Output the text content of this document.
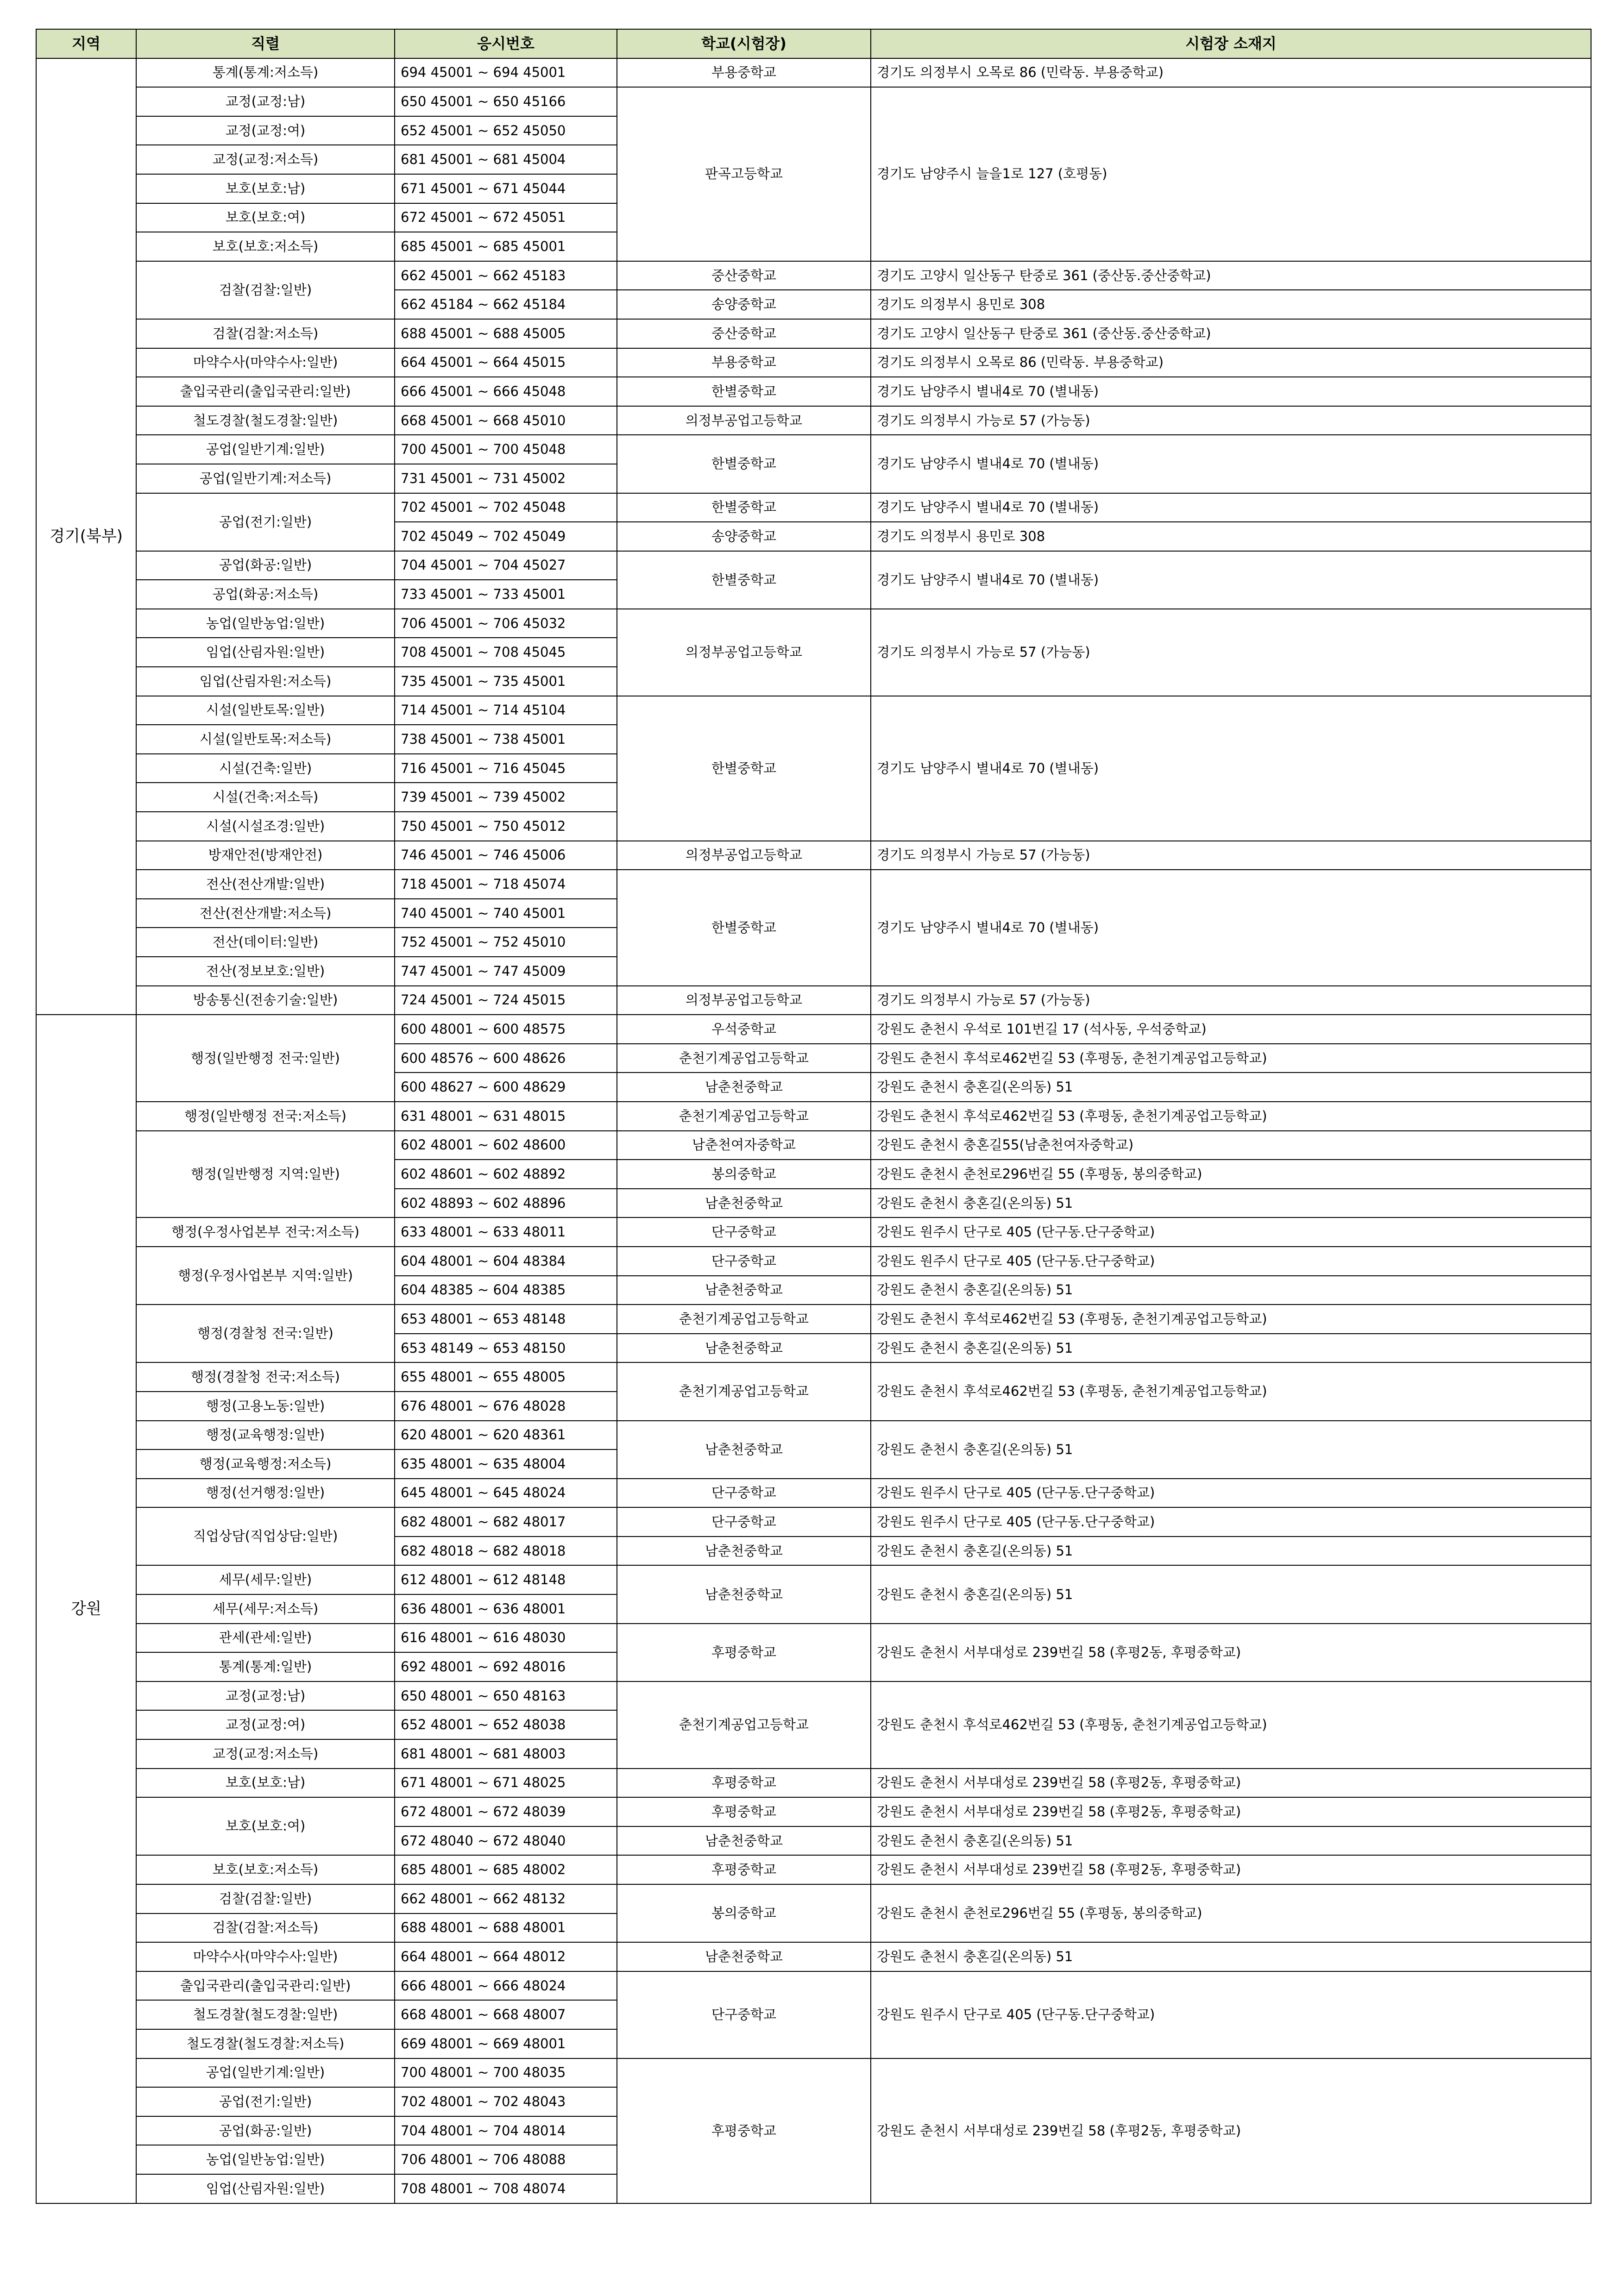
지역	직렬	응시번호	학교(시험장)	시험장 소재지
경기(북부)	통계(통계:저소득)	694 45001 ~ 694 45001	부용중학교	경기도 의정부시 오목로 86 (민락동. 부용중학교)
	교정(교정:남)	650 45001 ~ 650 45166	판곡고등학교	경기도 남양주시 늘을1로 127 (호평동)
	교정(교정:여)	652 45001 ~ 652 45050		
	교정(교정:저소득)	681 45001 ~ 681 45004		
	보호(보호:남)	671 45001 ~ 671 45044		
	보호(보호:여)	672 45001 ~ 672 45051		
	보호(보호:저소득)	685 45001 ~ 685 45001		
	검찰(검찰:일반)	662 45001 ~ 662 45183	중산중학교	경기도 고양시 일산동구 탄중로 361 (중산동.중산중학교)
		662 45184 ~ 662 45184	송양중학교	경기도 의정부시 용민로 308
	검찰(검찰:저소득)	688 45001 ~ 688 45005	중산중학교	경기도 고양시 일산동구 탄중로 361 (중산동.중산중학교)
	마약수사(마약수사:일반)	664 45001 ~ 664 45015	부용중학교	경기도 의정부시 오목로 86 (민락동. 부용중학교)
	출입국관리(출입국관리:일반)	666 45001 ~ 666 45048	한별중학교	경기도 남양주시 별내4로 70 (별내동)
	철도경찰(철도경찰:일반)	668 45001 ~ 668 45010	의정부공업고등학교	경기도 의정부시 가능로 57 (가능동)
	공업(일반기계:일반)	700 45001 ~ 700 45048	한별중학교	경기도 남양주시 별내4로 70 (별내동)
	공업(일반기계:저소득)	731 45001 ~ 731 45002		
	공업(전기:일반)	702 45001 ~ 702 45048	한별중학교	경기도 남양주시 별내4로 70 (별내동)
		702 45049 ~ 702 45049	송양중학교	경기도 의정부시 용민로 308
	공업(화공:일반)	704 45001 ~ 704 45027	한별중학교	경기도 남양주시 별내4로 70 (별내동)
	공업(화공:저소득)	733 45001 ~ 733 45001		
	농업(일반농업:일반)	706 45001 ~ 706 45032	의정부공업고등학교	경기도 의정부시 가능로 57 (가능동)
	임업(산림자원:일반)	708 45001 ~ 708 45045		
	임업(산림자원:저소득)	735 45001 ~ 735 45001		
	시설(일반토목:일반)	714 45001 ~ 714 45104	한별중학교	경기도 남양주시 별내4로 70 (별내동)
	시설(일반토목:저소득)	738 45001 ~ 738 45001		
	시설(건축:일반)	716 45001 ~ 716 45045		
	시설(건축:저소득)	739 45001 ~ 739 45002		
	시설(시설조경:일반)	750 45001 ~ 750 45012		
	방재안전(방재안전)	746 45001 ~ 746 45006	의정부공업고등학교	경기도 의정부시 가능로 57 (가능동)
	전산(전산개발:일반)	718 45001 ~ 718 45074	한별중학교	경기도 남양주시 별내4로 70 (별내동)
	전산(전산개발:저소득)	740 45001 ~ 740 45001		
	전산(데이터:일반)	752 45001 ~ 752 45010		
	전산(정보보호:일반)	747 45001 ~ 747 45009		
	방송통신(전송기술:일반)	724 45001 ~ 724 45015	의정부공업고등학교	경기도 의정부시 가능로 57 (가능동)
강원	행정(일반행정 전국:일반)	600 48001 ~ 600 48575	우석중학교	강원도 춘천시 우석로 101번길 17 (석사동, 우석중학교)
		600 48576 ~ 600 48626	춘천기계공업고등학교	강원도 춘천시 후석로462번길 53 (후평동, 춘천기계공업고등학교)
		600 48627 ~ 600 48629	남춘천중학교	강원도 춘천시 충혼길(온의동) 51
	행정(일반행정 전국:저소득)	631 48001 ~ 631 48015	춘천기계공업고등학교	강원도 춘천시 후석로462번길 53 (후평동, 춘천기계공업고등학교)
	행정(일반행정 지역:일반)	602 48001 ~ 602 48600	남춘천여자중학교	강원도 춘천시 충혼길55(남춘천여자중학교)
		602 48601 ~ 602 48892	봉의중학교	강원도 춘천시 춘천로296번길 55 (후평동, 봉의중학교)
		602 48893 ~ 602 48896	남춘천중학교	강원도 춘천시 충혼길(온의동) 51
	행정(우정사업본부 전국:저소득)	633 48001 ~ 633 48011	단구중학교	강원도 원주시 단구로 405 (단구동.단구중학교)
	행정(우정사업본부 지역:일반)	604 48001 ~ 604 48384	단구중학교	강원도 원주시 단구로 405 (단구동.단구중학교)
		604 48385 ~ 604 48385	남춘천중학교	강원도 춘천시 충혼길(온의동) 51
	행정(경찰청 전국:일반)	653 48001 ~ 653 48148	춘천기계공업고등학교	강원도 춘천시 후석로462번길 53 (후평동, 춘천기계공업고등학교)
		653 48149 ~ 653 48150	남춘천중학교	강원도 춘천시 충혼길(온의동) 51
	행정(경찰청 전국:저소득)	655 48001 ~ 655 48005	춘천기계공업고등학교	강원도 춘천시 후석로462번길 53 (후평동, 춘천기계공업고등학교)
	행정(고용노동:일반)	676 48001 ~ 676 48028		
	행정(교육행정:일반)	620 48001 ~ 620 48361	남춘천중학교	강원도 춘천시 충혼길(온의동) 51
	행정(교육행정:저소득)	635 48001 ~ 635 48004		
	행정(선거행정:일반)	645 48001 ~ 645 48024	단구중학교	강원도 원주시 단구로 405 (단구동.단구중학교)
	직업상담(직업상담:일반)	682 48001 ~ 682 48017	단구중학교	강원도 원주시 단구로 405 (단구동.단구중학교)
		682 48018 ~ 682 48018	남춘천중학교	강원도 춘천시 충혼길(온의동) 51
	세무(세무:일반)	612 48001 ~ 612 48148	남춘천중학교	강원도 춘천시 충혼길(온의동) 51
	세무(세무:저소득)	636 48001 ~ 636 48001		
	관세(관세:일반)	616 48001 ~ 616 48030	후평중학교	강원도 춘천시 서부대성로 239번길 58 (후평2동, 후평중학교)
	통계(통계:일반)	692 48001 ~ 692 48016		
	교정(교정:남)	650 48001 ~ 650 48163	춘천기계공업고등학교	강원도 춘천시 후석로462번길 53 (후평동, 춘천기계공업고등학교)
	교정(교정:여)	652 48001 ~ 652 48038		
	교정(교정:저소득)	681 48001 ~ 681 48003		
	보호(보호:남)	671 48001 ~ 671 48025	후평중학교	강원도 춘천시 서부대성로 239번길 58 (후평2동, 후평중학교)
	보호(보호:여)	672 48001 ~ 672 48039	후평중학교	강원도 춘천시 서부대성로 239번길 58 (후평2동, 후평중학교)
		672 48040 ~ 672 48040	남춘천중학교	강원도 춘천시 충혼길(온의동) 51
	보호(보호:저소득)	685 48001 ~ 685 48002	후평중학교	강원도 춘천시 서부대성로 239번길 58 (후평2동, 후평중학교)
	검찰(검찰:일반)	662 48001 ~ 662 48132	봉의중학교	강원도 춘천시 춘천로296번길 55 (후평동, 봉의중학교)
	검찰(검찰:저소득)	688 48001 ~ 688 48001		
	마약수사(마약수사:일반)	664 48001 ~ 664 48012	남춘천중학교	강원도 춘천시 충혼길(온의동) 51
	출입국관리(출입국관리:일반)	666 48001 ~ 666 48024	단구중학교	강원도 원주시 단구로 405 (단구동.단구중학교)
	철도경찰(철도경찰:일반)	668 48001 ~ 668 48007		
	철도경찰(철도경찰:저소득)	669 48001 ~ 669 48001		
	공업(일반기계:일반)	700 48001 ~ 700 48035	후평중학교	강원도 춘천시 서부대성로 239번길 58 (후평2동, 후평중학교)
	공업(전기:일반)	702 48001 ~ 702 48043		
	공업(화공:일반)	704 48001 ~ 704 48014		
	농업(일반농업:일반)	706 48001 ~ 706 48088		
	임업(산림자원:일반)	708 48001 ~ 708 48074		
